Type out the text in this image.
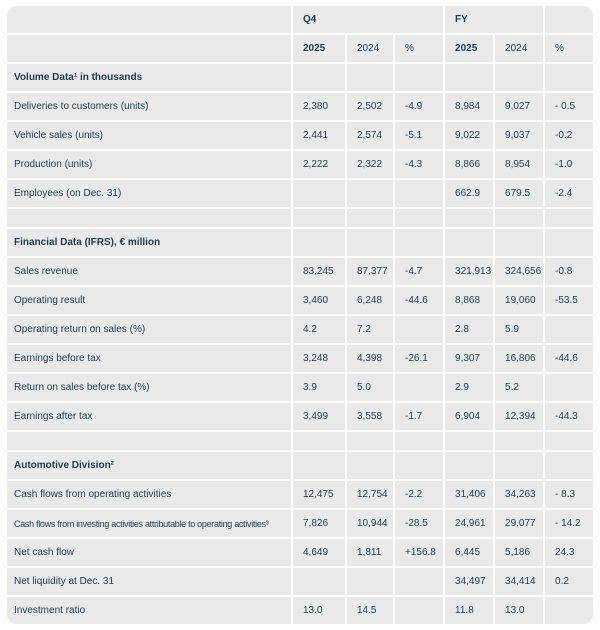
	Q4			FY		
	2025	2024	%	2025	2024	%
Volume Data¹ in thousands						
Deliveries to customers (units)	2,380	2,502	-4.9	8,984	9,027	- 0.5
Vehicle sales (units)	2,441	2,574	-5.1	9,022	9,037	-0.2
Production (units)	2,222	2,322	-4.3	8,866	8,954	-1.0
Employees (on Dec. 31)				662.9	679.5	-2.4

Financial Data (IFRS), € million						
Sales revenue	83,245	87,377	-4.7	321,913	324,656	-0.8
Operating result	3,460	6,248	-44.6	8,868	19,060	-53.5
Operating return on sales (%)	4.2	7.2		2.8	5.9	
Earnings before tax	3,248	4,398	-26.1	9,307	16,806	-44.6
Return on sales before tax (%)	3.9	5.0		2.9	5.2	
Earnings after tax	3,499	3,558	-1.7	6,904	12,394	-44.3

Automotive Division²						
Cash flows from operating activities	12,475	12,754	-2.2	31,406	34,263	- 8.3
Cash flows from investing activities attributable to operating activities³	7,826	10,944	-28.5	24,961	29,077	- 14.2
Net cash flow	4,649	1,811	+156.8	6,445	5,186	24.3
Net liquidity at Dec. 31				34,497	34,414	0.2
Investment ratio	13.0	14.5		11.8	13.0	
